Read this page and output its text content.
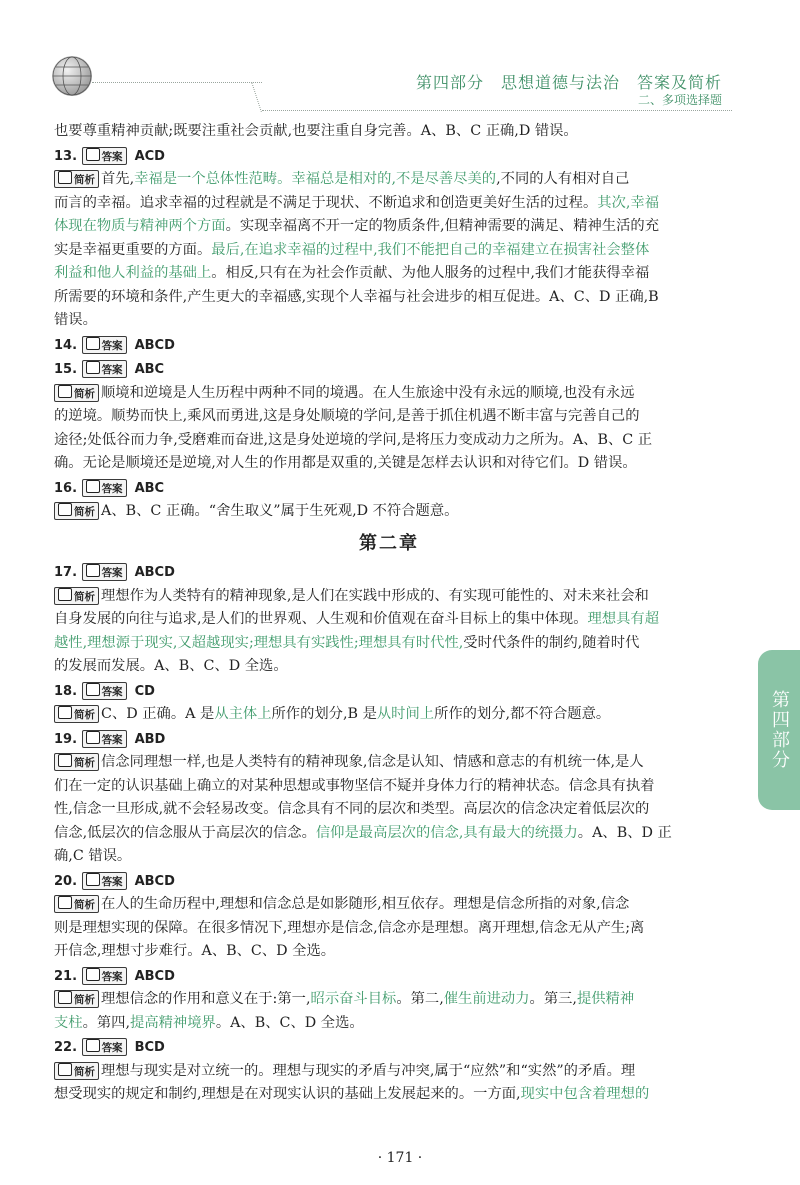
第四部分　思想道德与法治　答案及简析
二、多项选择题
也要尊重精神贡献;既要注重社会贡献,也要注重自身完善。A、B、C 正确,D 错误。
13. 答案 ACD
简析 首先,幸福是一个总体性范畴。幸福总是相对的,不是尽善尽美的,不同的人有相对自己
而言的幸福。追求幸福的过程就是不满足于现状、不断追求和创造更美好生活的过程。其次,幸福
体现在物质与精神两个方面。实现幸福离不开一定的物质条件,但精神需要的满足、精神生活的充
实是幸福更重要的方面。最后,在追求幸福的过程中,我们不能把自己的幸福建立在损害社会整体
利益和他人利益的基础上。相反,只有在为社会作贡献、为他人服务的过程中,我们才能获得幸福
所需要的环境和条件,产生更大的幸福感,实现个人幸福与社会进步的相互促进。A、C、D 正确,B
错误。
14. 答案 ABCD
15. 答案 ABC
简析 顺境和逆境是人生历程中两种不同的境遇。在人生旅途中没有永远的顺境,也没有永远
的逆境。顺势而快上,乘风而勇进,这是身处顺境的学问,是善于抓住机遇不断丰富与完善自己的
途径;处低谷而力争,受磨难而奋进,这是身处逆境的学问,是将压力变成动力之所为。A、B、C 正
确。无论是顺境还是逆境,对人生的作用都是双重的,关键是怎样去认识和对待它们。D 错误。
16. 答案 ABC
简析 A、B、C 正确。“舍生取义”属于生死观,D 不符合题意。
第二章
17. 答案 ABCD
简析 理想作为人类特有的精神现象,是人们在实践中形成的、有实现可能性的、对未来社会和
自身发展的向往与追求,是人们的世界观、人生观和价值观在奋斗目标上的集中体现。理想具有超
越性,理想源于现实,又超越现实;理想具有实践性;理想具有时代性,受时代条件的制约,随着时代
的发展而发展。A、B、C、D 全选。
18. 答案 CD
简析 C、D 正确。A 是从主体上所作的划分,B 是从时间上所作的划分,都不符合题意。
19. 答案 ABD
简析 信念同理想一样,也是人类特有的精神现象,信念是认知、情感和意志的有机统一体,是人
们在一定的认识基础上确立的对某种思想或事物坚信不疑并身体力行的精神状态。信念具有执着
性,信念一旦形成,就不会轻易改变。信念具有不同的层次和类型。高层次的信念决定着低层次的
信念,低层次的信念服从于高层次的信念。信仰是最高层次的信念,具有最大的统摄力。A、B、D 正
确,C 错误。
20. 答案 ABCD
简析 在人的生命历程中,理想和信念总是如影随形,相互依存。理想是信念所指的对象,信念
则是理想实现的保障。在很多情况下,理想亦是信念,信念亦是理想。离开理想,信念无从产生;离
开信念,理想寸步难行。A、B、C、D 全选。
21. 答案 ABCD
简析 理想信念的作用和意义在于:第一,昭示奋斗目标。第二,催生前进动力。第三,提供精神
支柱。第四,提高精神境界。A、B、C、D 全选。
22. 答案 BCD
简析 理想与现实是对立统一的。理想与现实的矛盾与冲突,属于“应然”和“实然”的矛盾。理
想受现实的规定和制约,理想是在对现实认识的基础上发展起来的。一方面,现实中包含着理想的
第四部分
· 171 ·
